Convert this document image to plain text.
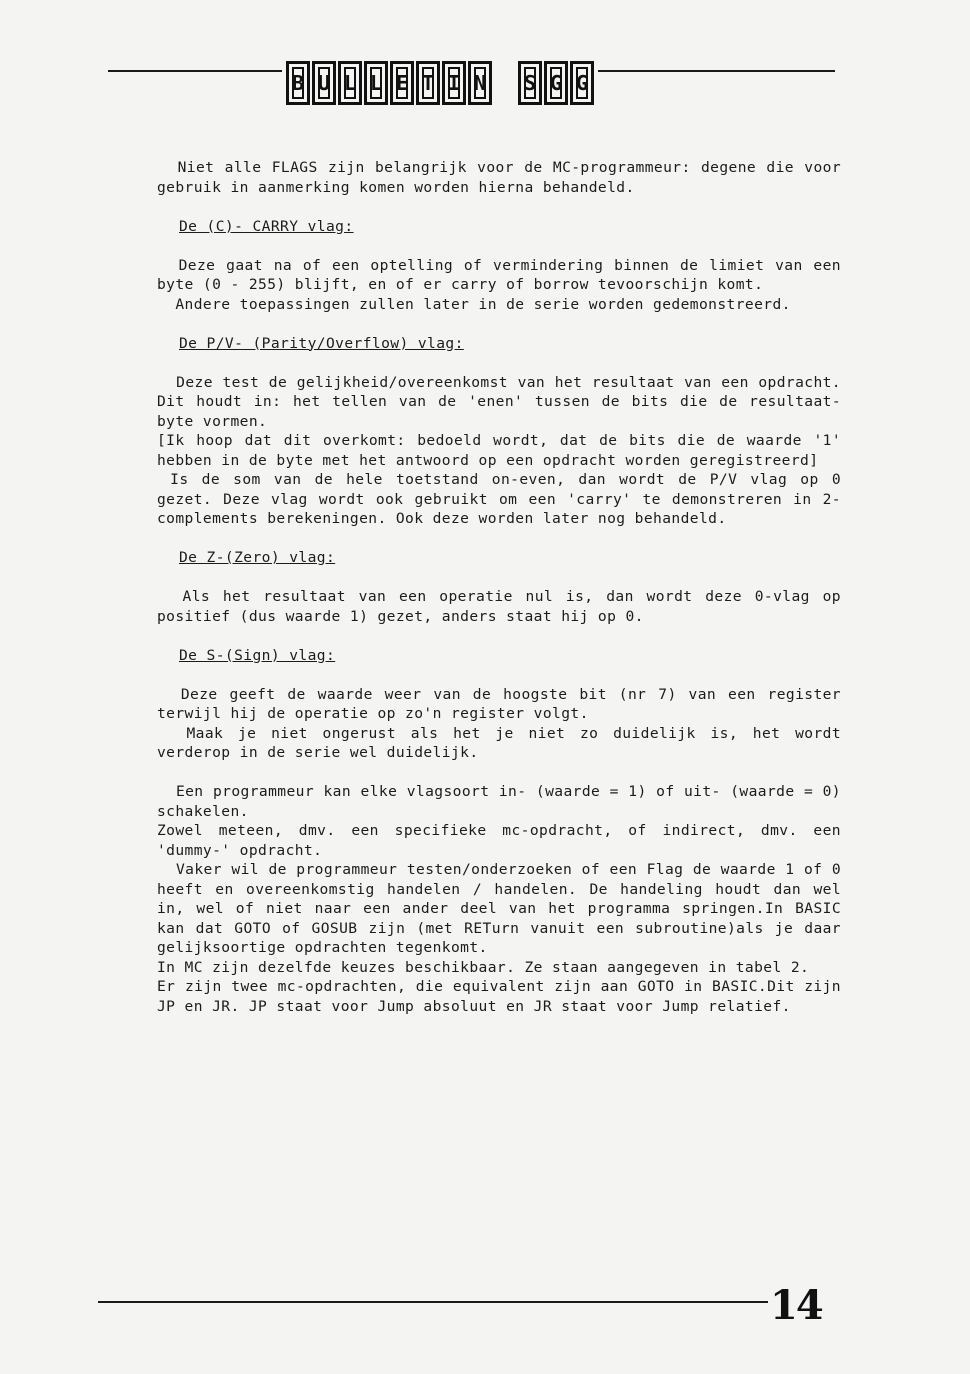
B U L L E T I N S G G

Niet alle FLAGS zijn belangrijk voor de MC-programmeur: degene die voor gebruik in aanmerking komen worden hierna behandeld.

De (C)- CARRY vlag:

Deze gaat na of een optelling of vermindering binnen de limiet van een byte (0 - 255) blijft, en of er carry of borrow tevoorschijn komt.

Andere toepassingen zullen later in de serie worden gedemonstreerd.

De P/V- (Parity/Overflow) vlag:

Deze test de gelijkheid/overeenkomst van het resultaat van een opdracht. Dit houdt in: het tellen van de 'enen' tussen de bits die de resultaat-byte vormen.

[Ik hoop dat dit overkomt: bedoeld wordt, dat de bits die de waarde '1' hebben in de byte met het antwoord op een opdracht worden geregistreerd]

Is de som van de hele toetstand on-even, dan wordt de P/V vlag op 0 gezet. Deze vlag wordt ook gebruikt om een 'carry' te demonstreren in 2-complements berekeningen. Ook deze worden later nog behandeld.

De Z-(Zero) vlag:

Als het resultaat van een operatie nul is, dan wordt deze 0-vlag op positief (dus waarde 1) gezet, anders staat hij op 0.

De S-(Sign) vlag:

Deze geeft de waarde weer van de hoogste bit (nr 7) van een register terwijl hij de operatie op zo'n register volgt.

Maak je niet ongerust als het je niet zo duidelijk is, het wordt verderop in de serie wel duidelijk.

Een programmeur kan elke vlagsoort in- (waarde = 1) of uit- (waarde = 0) schakelen.

Zowel meteen, dmv. een specifieke mc-opdracht, of indirect, dmv. een 'dummy-' opdracht.

Vaker wil de programmeur testen/onderzoeken of een Flag de waarde 1 of 0 heeft en overeenkomstig handelen / handelen. De handeling houdt dan wel in, wel of niet naar een ander deel van het programma springen.In BASIC kan dat GOTO of GOSUB zijn (met RETurn vanuit een subroutine)als je daar gelijksoortige opdrachten tegenkomt.

In MC zijn dezelfde keuzes beschikbaar. Ze staan aangegeven in tabel 2.

Er zijn twee mc-opdrachten, die equivalent zijn aan GOTO in BASIC.Dit zijn JP en JR. JP staat voor Jump absoluut en JR staat voor Jump relatief.

14
